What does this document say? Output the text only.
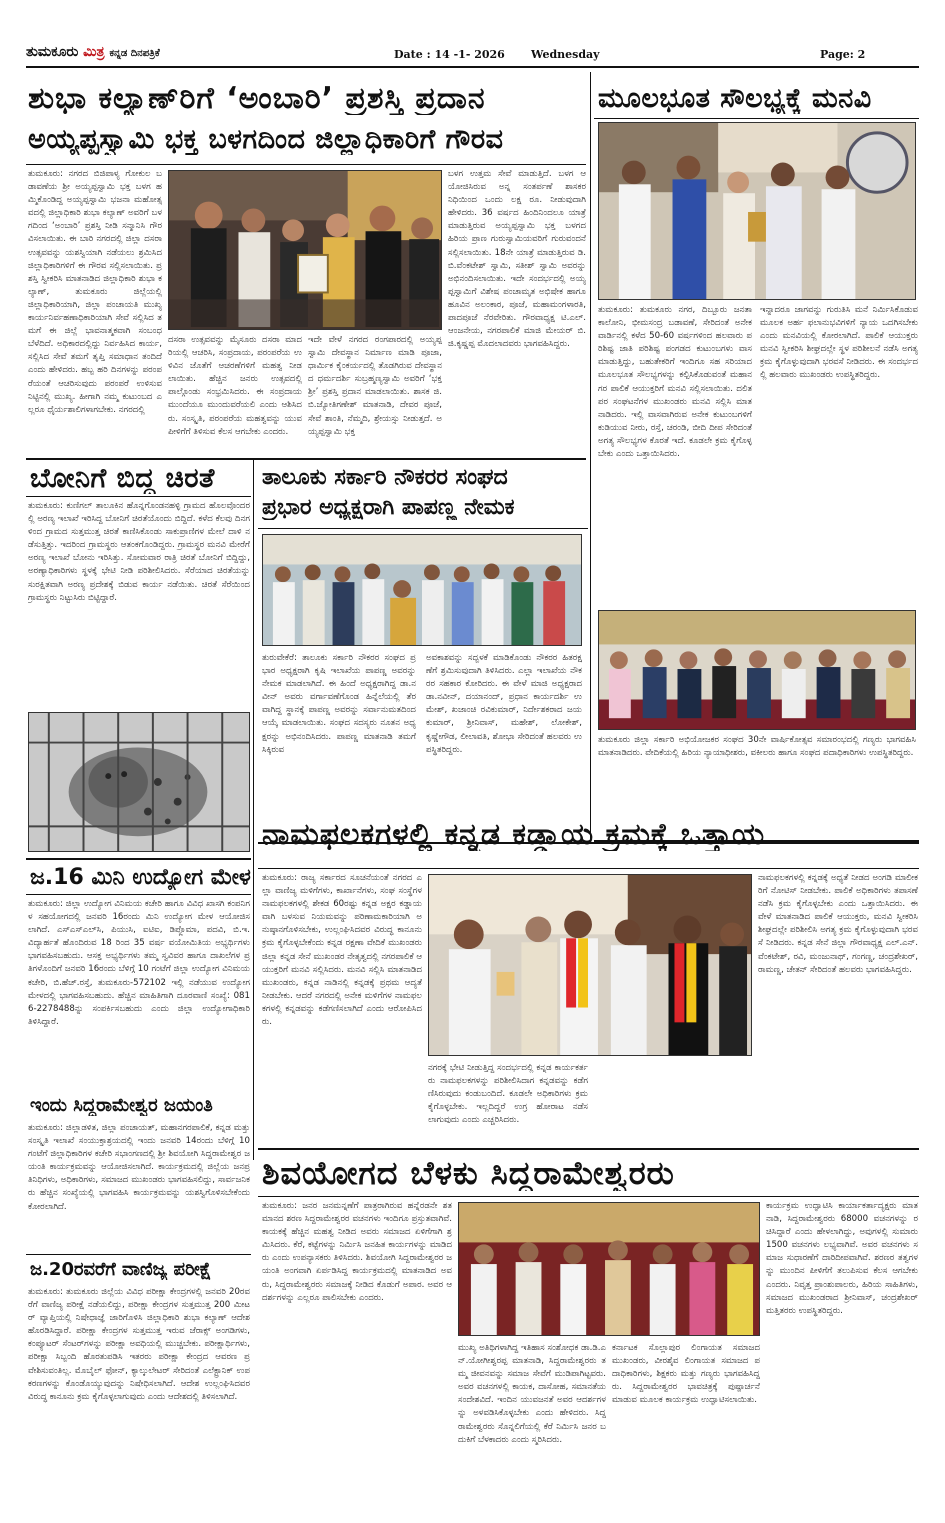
ತುಮಕೂರು ಮಿತ್ರ ಕನ್ನಡ ದಿನಪತ್ರಿಕೆ	Date : 14 -1- 2026 Wednesday	Page: 2
ಶುಭಾ ಕಲ್ಯಾಣ್‌ರಿಗೆ ‘ಅಂಬಾರಿ’ ಪ್ರಶಸ್ತಿ ಪ್ರದಾನ
ಅಯ್ಯಪ್ಪಸ್ವಾಮಿ ಭಕ್ತ ಬಳಗದಿಂದ ಜಿಲ್ಲಾಧಿಕಾರಿಗೆ ಗೌರವ
ತುಮಕೂರು: ನಗರದ ಬಿಜಿಪಾಳ್ಯ ಗೋಕುಲ ಬಡಾವಣೆಯ ಶ್ರೀ ಅಯ್ಯಪ್ಪಸ್ವಾಮಿ ಭಕ್ತ ಬಳಗ ಹಮ್ಮಿಕೊಂಡಿದ್ದ ಅಯ್ಯಪ್ಪಸ್ವಾಮಿ ಭಜನಾ ಮಹೋತ್ಸವದಲ್ಲಿ ಜಿಲ್ಲಾಧಿಕಾರಿ ಶುಭಾ ಕಲ್ಯಾಣ್ ಅವರಿಗೆ ಬಳಗದಿಂದ ‘ಅಂಬಾರಿ’ ಪ್ರಶಸ್ತಿ ನೀಡಿ ಸನ್ಮಾನಿಸಿ ಗೌರವಿಸಲಾಯಿತು. ಈ ಬಾರಿ ನಗರದಲ್ಲಿ ಜಿಲ್ಲಾ ದಸರಾ ಉತ್ಸವವನ್ನು ಯಶಸ್ವಿಯಾಗಿ ನಡೆಯಲು ಶ್ರಮಿಸಿದ ಜಿಲ್ಲಾಧಿಕಾರಿಗಳಿಗೆ ಈ ಗೌರವ ಸಲ್ಲಿಸಲಾಯಿತು. ಪ್ರಶಸ್ತಿ ಸ್ವೀಕರಿಸಿ ಮಾತನಾಡಿದ ಜಿಲ್ಲಾಧಿಕಾರಿ ಶುಭಾ ಕಲ್ಯಾಣ್, ತುಮಕೂರು ಜಿಲ್ಲೆಯಲ್ಲಿ ಜಿಲ್ಲಾಧಿಕಾರಿಯಾಗಿ, ಜಿಲ್ಲಾ ಪಂಚಾಯತಿ ಮುಖ್ಯ ಕಾರ್ಯನಿರ್ವಹಣಾಧಿಕಾರಿಯಾಗಿ ಸೇವೆ ಸಲ್ಲಿಸಿದ ತಮಗೆ ಈ ಜಿಲ್ಲೆ ಭಾವನಾತ್ಮಕವಾಗಿ ಸಂಬಂಧ ಬೆಳೆದಿದೆ. ಅಧಿಕಾರದಲ್ಲಿದ್ದು ನಿರ್ವಹಿಸಿದ ಕಾರ್ಯ, ಸಲ್ಲಿಸಿದ ಸೇವೆ ತಮಗೆ ತೃಪ್ತಿ ಸಮಾಧಾನ ತಂದಿದೆ ಎಂದು ಹೇಳಿದರು. ಹಬ್ಬ ಹರಿ ದಿನಗಳನ್ನು ಪರಂಪರೆಯಂತೆ ಆಚರಿಸುವುದು ಪರಂಪರೆ ಉಳಿಸುವ ನಿಟ್ಟಿನಲ್ಲಿ ಮುಖ್ಯ. ಹೀಗಾಗಿ ನಮ್ಮ ಕುಟುಂಬದ ಎಲ್ಲರೂ ಧೈರ್ಯಶಾಲಿಗಳಾಗಬೇಕು. ನಗರದಲ್ಲಿ
ದಸರಾ ಉತ್ಸವವನ್ನು ಮೈಸೂರು ದಸರಾ ಮಾದರಿಯಲ್ಲಿ ಆಚರಿಸಿ, ಸಂಪ್ರದಾಯ, ಪರಂಪರೆಯ ಉಳಿವಿನ ಜೊತೆಗೆ ಆಚರಣೆಗಳಿಗೆ ಮಹತ್ವ ನೀಡಲಾಯಿತು. ಹೆಚ್ಚಿನ ಜನರು ಉತ್ಸವದಲ್ಲಿ ಪಾಲ್ಗೊಂಡು ಸಂಭ್ರಮಿಸಿದರು. ಈ ಸಂಪ್ರದಾಯ ಮುಂದೆಯೂ ಮುಂದುವರೆಯಲಿ ಎಂದು ಆಶಿಸಿದರು. ಸಂಸ್ಕೃತಿ, ಪರಂಪರೆಯ ಮಹತ್ವವನ್ನು ಯುವಪೀಳಿಗೆಗೆ ತಿಳಿಸುವ ಕೆಲಸ ಆಗಬೇಕು ಎಂದರು.
ಇದೇ ವೇಳೆ ನಗರದ ರಂಗಪಾರದಲ್ಲಿ ಅಯ್ಯಪ್ಪ ಸ್ವಾಮಿ ದೇವಸ್ಥಾನ ನಿರ್ಮಾಣ ಮಾಡಿ ಪೂಜಾ, ಧಾರ್ಮಿಕ ಕೈಂಕರ್ಯದಲ್ಲಿ ತೊಡಗಿರುವ ದೇವಸ್ಥಾನದ ಧರ್ಮದರ್ಶಿ ಸುಬ್ರಹ್ಮಣ್ಯಸ್ವಾಮಿ ಅವರಿಗೆ ‘ಭಕ್ತ ಶ್ರೀ’ ಪ್ರಶಸ್ತಿ ಪ್ರದಾನ ಮಾಡಲಾಯಿತು. ಶಾಸಕ ಜಿ.ಬಿ.ಜ್ಯೋತಿಗಣೇಶ್ ಮಾತನಾಡಿ, ದೇವರ ಪೂಜೆ, ಸೇವೆ ಶಾಂತಿ, ನೆಮ್ಮದಿ, ಶ್ರೇಯಸ್ಸು ನೀಡುತ್ತದೆ. ಅಯ್ಯಪ್ಪಸ್ವಾಮಿ ಭಕ್ತ
ಬಳಗ ಉತ್ತಮ ಸೇವೆ ಮಾಡುತ್ತಿದೆ. ಬಳಗ ಆಯೋಜಿಸಿರುವ ಅನ್ನ ಸಂತರ್ಪಣೆ ಶಾಸಕರ ನಿಧಿಯಿಂದ ಒಂದು ಲಕ್ಷ ರೂ. ನೀಡುವುದಾಗಿ ಹೇಳಿದರು. 36 ವರ್ಷದ ಹಿಂದಿನಿಂದಲೂ ಯಾತ್ರೆ ಮಾಡುತ್ತಿರುವ ಅಯ್ಯಪ್ಪಸ್ವಾಮಿ ಭಕ್ತ ಬಳಗದ ಹಿರಿಯ ಪ್ರಾಣ ಗುರುಸ್ವಾಮಿಯವರಿಗೆ ಗುರುವಂದನೆ ಸಲ್ಲಿಸಲಾಯಿತು. 18ನೇ ಯಾತ್ರೆ ಮಾಡುತ್ತಿರುವ ಡಿ.ಬಿ.ವೆಂಕಟೇಶ್ ಸ್ವಾಮಿ, ಸತೀಶ್ ಸ್ವಾಮಿ ಅವರನ್ನು ಅಭಿನಂದಿಸಲಾಯಿತು. ಇದೇ ಸಂದರ್ಭದಲ್ಲಿ ಅಯ್ಯಪ್ಪಸ್ವಾಮಿಗೆ ವಿಶೇಷ ಪಂಚಾಮೃತ ಅಭಿಷೇಕ ಹಾಗೂ ಹೂವಿನ ಅಲಂಕಾರ, ಪೂಜೆ, ಮಹಾಮಂಗಳಾರತಿ, ಪಾದಪೂಜೆ ನೆರವೇರಿತು. ಗೌರವಾಧ್ಯಕ್ಷ ಟಿ.ಎಲ್.ಆಂಜನೇಯ, ನಗರಪಾಲಿಕೆ ಮಾಜಿ ಮೇಯರ್ ಬಿ.ಜಿ.ಕೃಷ್ಣಪ್ಪ ಮೊದಲಾದವರು ಭಾಗವಹಿಸಿದ್ದರು.
ಮೂಲಭೂತ ಸೌಲಭ್ಯಕ್ಕೆ ಮನವಿ
ತುಮಕೂರು: ತುಮಕೂರು ನಗರ, ದಿಬ್ಬೂರು ಜನತಾ ಕಾಲೋನಿ, ಭೀಮಸಂದ್ರ ಬಡಾವಣೆ, ಸೇರಿದಂತೆ ಅನೇಕ ವಾರ್ಡಿನಲ್ಲಿ ಕಳೆದ 50-60 ವರ್ಷಗಳಿಂದ ಹಲವಾರು ಪರಿಶಿಷ್ಟ ಜಾತಿ ಪರಿಶಿಷ್ಟ ಪಂಗಡದ ಕುಟುಂಬಗಳು ವಾಸ ಮಾಡುತ್ತಿದ್ದು, ಬಹುತೇಕರಿಗೆ ಇಂದಿಗೂ ಸಹ ಸರಿಯಾದ ಮೂಲಭೂತ ಸೌಲಭ್ಯಗಳನ್ನು ಕಲ್ಪಿಸಿಕೊಡುವಂತೆ ಮಹಾನಗರ ಪಾಲಿಕೆ ಆಯುಕ್ತರಿಗೆ ಮನವಿ ಸಲ್ಲಿಸಲಾಯಿತು. ದಲಿತ ಪರ ಸಂಘಟನೆಗಳ ಮುಖಂಡರು ಮನವಿ ಸಲ್ಲಿಸಿ ಮಾತನಾಡಿದರು. ಇಲ್ಲಿ ವಾಸವಾಗಿರುವ ಅನೇಕ ಕುಟುಂಬಗಳಿಗೆ ಕುಡಿಯುವ ನೀರು, ರಸ್ತೆ, ಚರಂಡಿ, ಬೀದಿ ದೀಪ ಸೇರಿದಂತೆ ಅಗತ್ಯ ಸೌಲಭ್ಯಗಳ ಕೊರತೆ ಇದೆ. ಕೂಡಲೇ ಕ್ರಮ ಕೈಗೊಳ್ಳಬೇಕು ಎಂದು ಒತ್ತಾಯಿಸಿದರು.
ಇನ್ನಾದರೂ ಜಾಗವನ್ನು ಗುರುತಿಸಿ ಮನೆ ನಿರ್ಮಿಸಿಕೊಡುವ ಮೂಲಕ ಅರ್ಹ ಫಲಾನುಭವಿಗಳಿಗೆ ನ್ಯಾಯ ಒದಗಿಸಬೇಕು ಎಂದು ಮನವಿಯಲ್ಲಿ ಕೋರಲಾಗಿದೆ. ಪಾಲಿಕೆ ಆಯುಕ್ತರು ಮನವಿ ಸ್ವೀಕರಿಸಿ ಶೀಘ್ರದಲ್ಲೇ ಸ್ಥಳ ಪರಿಶೀಲನೆ ನಡೆಸಿ ಅಗತ್ಯ ಕ್ರಮ ಕೈಗೊಳ್ಳುವುದಾಗಿ ಭರವಸೆ ನೀಡಿದರು. ಈ ಸಂದರ್ಭದಲ್ಲಿ ಹಲವಾರು ಮುಖಂಡರು ಉಪಸ್ಥಿತರಿದ್ದರು.
ತುಮಕೂರು ಜಿಲ್ಲಾ ಸರ್ಕಾರಿ ಅಭಿಯೋಜಕರ ಸಂಘದ 30ನೇ ವಾರ್ಷಿಕೋತ್ಸವ ಸಮಾರಂಭದಲ್ಲಿ ಗಣ್ಯರು ಭಾಗವಹಿಸಿ ಮಾತನಾಡಿದರು. ವೇದಿಕೆಯಲ್ಲಿ ಹಿರಿಯ ನ್ಯಾಯಾಧೀಶರು, ವಕೀಲರು ಹಾಗೂ ಸಂಘದ ಪದಾಧಿಕಾರಿಗಳು ಉಪಸ್ಥಿತರಿದ್ದರು.
ಬೋನಿಗೆ ಬಿದ್ದ ಚಿರತೆ
ತುಮಕೂರು: ಕುಣಿಗಲ್ ತಾಲೂಕಿನ ಹೊನ್ನಗೊಂಡನಹಳ್ಳಿ ಗ್ರಾಮದ ಹೊಲವೊಂದರಲ್ಲಿ ಅರಣ್ಯ ಇಲಾಖೆ ಇರಿಸಿದ್ದ ಬೋನಿಗೆ ಚಿರತೆಯೊಂದು ಬಿದ್ದಿದೆ. ಕಳೆದ ಕೆಲವು ದಿನಗಳಿಂದ ಗ್ರಾಮದ ಸುತ್ತಮುತ್ತ ಚಿರತೆ ಕಾಣಿಸಿಕೊಂಡು ಸಾಕುಪ್ರಾಣಿಗಳ ಮೇಲೆ ದಾಳಿ ನಡೆಸುತ್ತಿತ್ತು. ಇದರಿಂದ ಗ್ರಾಮಸ್ಥರು ಆತಂಕಗೊಂಡಿದ್ದರು. ಗ್ರಾಮಸ್ಥರ ಮನವಿ ಮೇರೆಗೆ ಅರಣ್ಯ ಇಲಾಖೆ ಬೋನು ಇರಿಸಿತ್ತು. ಸೋಮವಾರ ರಾತ್ರಿ ಚಿರತೆ ಬೋನಿಗೆ ಬಿದ್ದಿದ್ದು, ಅರಣ್ಯಾಧಿಕಾರಿಗಳು ಸ್ಥಳಕ್ಕೆ ಭೇಟಿ ನೀಡಿ ಪರಿಶೀಲಿಸಿದರು. ಸೆರೆಯಾದ ಚಿರತೆಯನ್ನು ಸುರಕ್ಷಿತವಾಗಿ ಅರಣ್ಯ ಪ್ರದೇಶಕ್ಕೆ ಬಿಡುವ ಕಾರ್ಯ ನಡೆಯಿತು. ಚಿರತೆ ಸೆರೆಯಿಂದ ಗ್ರಾಮಸ್ಥರು ನಿಟ್ಟುಸಿರು ಬಿಟ್ಟಿದ್ದಾರೆ.
ತಾಲೂಕು ಸರ್ಕಾರಿ ನೌಕರರ ಸಂಘದ
ಪ್ರಭಾರ ಅಧ್ಯಕ್ಷರಾಗಿ ಪಾಪಣ್ಣ ನೇಮಕ
ತುರುವೇಕೆರೆ: ತಾಲೂಕು ಸರ್ಕಾರಿ ನೌಕರರ ಸಂಘದ ಪ್ರಭಾರ ಅಧ್ಯಕ್ಷರಾಗಿ ಕೃಷಿ ಇಲಾಖೆಯ ಪಾಪಣ್ಣ ಅವರನ್ನು ನೇಮಕ ಮಾಡಲಾಗಿದೆ. ಈ ಹಿಂದೆ ಅಧ್ಯಕ್ಷರಾಗಿದ್ದ ಡಾ.ನವೀನ್ ಅವರು ವರ್ಗಾವಣೆಗೊಂಡ ಹಿನ್ನೆಲೆಯಲ್ಲಿ ತೆರವಾಗಿದ್ದ ಸ್ಥಾನಕ್ಕೆ ಪಾಪಣ್ಣ ಅವರನ್ನು ಸರ್ವಾನುಮತದಿಂದ ಆಯ್ಕೆ ಮಾಡಲಾಯಿತು. ಸಂಘದ ಸದಸ್ಯರು ನೂತನ ಅಧ್ಯಕ್ಷರನ್ನು ಅಭಿನಂದಿಸಿದರು. ಪಾಪಣ್ಣ ಮಾತನಾಡಿ ತಮಗೆ ಸಿಕ್ಕಿರುವ
ಅವಕಾಶವನ್ನು ಸದ್ಬಳಕೆ ಮಾಡಿಕೊಂಡು ನೌಕರರ ಹಿತರಕ್ಷಣೆಗೆ ಶ್ರಮಿಸುವುದಾಗಿ ತಿಳಿಸಿದರು. ಎಲ್ಲಾ ಇಲಾಖೆಯ ನೌಕರರ ಸಹಕಾರ ಕೋರಿದರು. ಈ ವೇಳೆ ಮಾಜಿ ಅಧ್ಯಕ್ಷರಾದ ಡಾ.ನವೀನ್, ದಯಾನಂದ್, ಪ್ರಧಾನ ಕಾರ್ಯದರ್ಶಿ ಉಮೇಶ್, ಖಜಾಂಚಿ ರವಿಕುಮಾರ್, ನಿರ್ದೇಶಕರಾದ ಜಯಕುಮಾರ್, ಶ್ರೀನಿವಾಸ್, ಮಹೇಶ್, ಲೋಕೇಶ್, ಕೃಷ್ಣೇಗೌಡ, ಲೀಲಾವತಿ, ಶೋಭಾ ಸೇರಿದಂತೆ ಹಲವರು ಉಪಸ್ಥಿತರಿದ್ದರು.
ಜ.16 ಮಿನಿ ಉದ್ಯೋಗ ಮೇಳ
ತುಮಕೂರು: ಜಿಲ್ಲಾ ಉದ್ಯೋಗ ವಿನಿಮಯ ಕಚೇರಿ ಹಾಗೂ ವಿವಿಧ ಖಾಸಗಿ ಕಂಪನಿಗಳ ಸಹಯೋಗದಲ್ಲಿ ಜನವರಿ 16ರಂದು ಮಿನಿ ಉದ್ಯೋಗ ಮೇಳ ಆಯೋಜಿಸಲಾಗಿದೆ. ಎಸ್‌ಎಸ್‌ಎಲ್‌ಸಿ, ಪಿಯುಸಿ, ಐಟಿಐ, ಡಿಪ್ಲೊಮಾ, ಪದವಿ, ಬಿ.ಇ. ವಿದ್ಯಾರ್ಹತೆ ಹೊಂದಿರುವ 18 ರಿಂದ 35 ವರ್ಷ ವಯೋಮಿತಿಯ ಅಭ್ಯರ್ಥಿಗಳು ಭಾಗವಹಿಸಬಹುದು. ಆಸಕ್ತ ಅಭ್ಯರ್ಥಿಗಳು ತಮ್ಮ ಸ್ವವಿವರ ಹಾಗೂ ದಾಖಲೆಗಳ ಪ್ರತಿಗಳೊಂದಿಗೆ ಜನವರಿ 16ರಂದು ಬೆಳಿಗ್ಗೆ 10 ಗಂಟೆಗೆ ಜಿಲ್ಲಾ ಉದ್ಯೋಗ ವಿನಿಮಯ ಕಚೇರಿ, ಬಿ.ಹೆಚ್.ರಸ್ತೆ, ತುಮಕೂರು-572102 ಇಲ್ಲಿ ನಡೆಯುವ ಉದ್ಯೋಗ ಮೇಳದಲ್ಲಿ ಭಾಗವಹಿಸಬಹುದು. ಹೆಚ್ಚಿನ ಮಾಹಿತಿಗಾಗಿ ದೂರವಾಣಿ ಸಂಖ್ಯೆ: 0816-2278488ನ್ನು ಸಂಪರ್ಕಿಸಬಹುದು ಎಂದು ಜಿಲ್ಲಾ ಉದ್ಯೋಗಾಧಿಕಾರಿ ತಿಳಿಸಿದ್ದಾರೆ.
ಇಂದು ಸಿದ್ದರಾಮೇಶ್ವರ ಜಯಂತಿ
ತುಮಕೂರು: ಜಿಲ್ಲಾಡಳಿತ, ಜಿಲ್ಲಾ ಪಂಚಾಯತ್, ಮಹಾನಗರಪಾಲಿಕೆ, ಕನ್ನಡ ಮತ್ತು ಸಂಸ್ಕೃತಿ ಇಲಾಖೆ ಸಂಯುಕ್ತಾಶ್ರಯದಲ್ಲಿ ಇಂದು ಜನವರಿ 14ರಂದು ಬೆಳಿಗ್ಗೆ 10 ಗಂಟೆಗೆ ಜಿಲ್ಲಾಧಿಕಾರಿಗಳ ಕಚೇರಿ ಸಭಾಂಗಣದಲ್ಲಿ ಶ್ರೀ ಶಿವಯೋಗಿ ಸಿದ್ದರಾಮೇಶ್ವರ ಜಯಂತಿ ಕಾರ್ಯಕ್ರಮವನ್ನು ಆಯೋಜಿಸಲಾಗಿದೆ. ಕಾರ್ಯಕ್ರಮದಲ್ಲಿ ಜಿಲ್ಲೆಯ ಜನಪ್ರತಿನಿಧಿಗಳು, ಅಧಿಕಾರಿಗಳು, ಸಮಾಜದ ಮುಖಂಡರು ಭಾಗವಹಿಸಲಿದ್ದು, ಸಾರ್ವಜನಿಕರು ಹೆಚ್ಚಿನ ಸಂಖ್ಯೆಯಲ್ಲಿ ಭಾಗವಹಿಸಿ ಕಾರ್ಯಕ್ರಮವನ್ನು ಯಶಸ್ವಿಗೊಳಿಸಬೇಕೆಂದು ಕೋರಲಾಗಿದೆ.
ಜ.20ರವರೆಗೆ ವಾಣಿಜ್ಯ ಪರೀಕ್ಷೆ
ತುಮಕೂರು: ತುಮಕೂರು ಜಿಲ್ಲೆಯ ವಿವಿಧ ಪರೀಕ್ಷಾ ಕೇಂದ್ರಗಳಲ್ಲಿ ಜನವರಿ 20ರವರೆಗೆ ವಾಣಿಜ್ಯ ಪರೀಕ್ಷೆ ನಡೆಯಲಿದ್ದು, ಪರೀಕ್ಷಾ ಕೇಂದ್ರಗಳ ಸುತ್ತಮುತ್ತ 200 ಮೀಟರ್ ವ್ಯಾಪ್ತಿಯಲ್ಲಿ ನಿಷೇಧಾಜ್ಞೆ ಜಾರಿಗೊಳಿಸಿ ಜಿಲ್ಲಾಧಿಕಾರಿ ಶುಭಾ ಕಲ್ಯಾಣ್ ಆದೇಶ ಹೊರಡಿಸಿದ್ದಾರೆ. ಪರೀಕ್ಷಾ ಕೇಂದ್ರಗಳ ಸುತ್ತಮುತ್ತ ಇರುವ ಜೆರಾಕ್ಸ್ ಅಂಗಡಿಗಳು, ಕಂಪ್ಯೂಟರ್ ಸೆಂಟರ್‌ಗಳನ್ನು ಪರೀಕ್ಷಾ ಅವಧಿಯಲ್ಲಿ ಮುಚ್ಚಬೇಕು. ಪರೀಕ್ಷಾರ್ಥಿಗಳು, ಪರೀಕ್ಷಾ ಸಿಬ್ಬಂದಿ ಹೊರತುಪಡಿಸಿ ಇತರರು ಪರೀಕ್ಷಾ ಕೇಂದ್ರದ ಆವರಣ ಪ್ರವೇಶಿಸುವಂತಿಲ್ಲ. ಮೊಬೈಲ್ ಫೋನ್, ಕ್ಯಾಲ್ಕುಲೇಟರ್ ಸೇರಿದಂತೆ ಎಲೆಕ್ಟ್ರಾನಿಕ್ ಉಪಕರಣಗಳನ್ನು ಕೊಂಡೊಯ್ಯುವುದನ್ನು ನಿಷೇಧಿಸಲಾಗಿದೆ. ಆದೇಶ ಉಲ್ಲಂಘಿಸಿದವರ ವಿರುದ್ಧ ಕಾನೂನು ಕ್ರಮ ಕೈಗೊಳ್ಳಲಾಗುವುದು ಎಂದು ಆದೇಶದಲ್ಲಿ ತಿಳಿಸಲಾಗಿದೆ.
ನಾಮಫಲಕಗಳಲ್ಲಿ ಕನ್ನಡ ಕಡ್ಡಾಯ ಕ್ರಮಕ್ಕೆ ಒತ್ತಾಯ
ತುಮಕೂರು: ರಾಜ್ಯ ಸರ್ಕಾರದ ಸೂಚನೆಯಂತೆ ನಗರದ ಎಲ್ಲಾ ವಾಣಿಜ್ಯ ಮಳಿಗೆಗಳು, ಕಾರ್ಖಾನೆಗಳು, ಸಂಘ ಸಂಸ್ಥೆಗಳ ನಾಮಫಲಕಗಳಲ್ಲಿ ಶೇಕಡ 60ರಷ್ಟು ಕನ್ನಡ ಅಕ್ಷರ ಕಡ್ಡಾಯವಾಗಿ ಬಳಸುವ ನಿಯಮವನ್ನು ಪರಿಣಾಮಕಾರಿಯಾಗಿ ಅನುಷ್ಠಾನಗೊಳಿಸಬೇಕು, ಉಲ್ಲಂಘಿಸಿದವರ ವಿರುದ್ಧ ಕಾನೂನು ಕ್ರಮ ಕೈಗೊಳ್ಳಬೇಕೆಂದು ಕನ್ನಡ ರಕ್ಷಣಾ ವೇದಿಕೆ ಮುಖಂಡರು ಜಿಲ್ಲಾ ಕನ್ನಡ ಸೇನೆ ಮುಖಂಡರ ನೇತೃತ್ವದಲ್ಲಿ ನಗರಪಾಲಿಕೆ ಆಯುಕ್ತರಿಗೆ ಮನವಿ ಸಲ್ಲಿಸಿದರು. ಮನವಿ ಸಲ್ಲಿಸಿ ಮಾತನಾಡಿದ ಮುಖಂಡರು, ಕನ್ನಡ ನಾಡಿನಲ್ಲಿ ಕನ್ನಡಕ್ಕೆ ಪ್ರಥಮ ಆದ್ಯತೆ ನೀಡಬೇಕು. ಆದರೆ ನಗರದಲ್ಲಿ ಅನೇಕ ಮಳಿಗೆಗಳ ನಾಮಫಲಕಗಳಲ್ಲಿ ಕನ್ನಡವನ್ನು ಕಡೆಗಣಿಸಲಾಗಿದೆ ಎಂದು ಆರೋಪಿಸಿದರು.
ನಗರಕ್ಕೆ ಭೇಟಿ ನೀಡುತ್ತಿದ್ದ ಸಂದರ್ಭದಲ್ಲಿ ಕನ್ನಡ ಕಾರ್ಯಕರ್ತರು ನಾಮಫಲಕಗಳನ್ನು ಪರಿಶೀಲಿಸಿದಾಗ ಕನ್ನಡವನ್ನು ಕಡೆಗಣಿಸಿರುವುದು ಕಂಡುಬಂದಿದೆ. ಕೂಡಲೇ ಅಧಿಕಾರಿಗಳು ಕ್ರಮ ಕೈಗೊಳ್ಳಬೇಕು. ಇಲ್ಲದಿದ್ದರೆ ಉಗ್ರ ಹೋರಾಟ ನಡೆಸಲಾಗುವುದು ಎಂದು ಎಚ್ಚರಿಸಿದರು.
ನಾಮಫಲಕಗಳಲ್ಲಿ ಕನ್ನಡಕ್ಕೆ ಅಧ್ಯತೆ ನೀಡದ ಅಂಗಡಿ ಮಾಲೀಕರಿಗೆ ನೋಟಿಸ್ ನೀಡಬೇಕು. ಪಾಲಿಕೆ ಅಧಿಕಾರಿಗಳು ತಪಾಸಣೆ ನಡೆಸಿ ಕ್ರಮ ಕೈಗೊಳ್ಳಬೇಕು ಎಂದು ಒತ್ತಾಯಿಸಿದರು. ಈ ವೇಳೆ ಮಾತನಾಡಿದ ಪಾಲಿಕೆ ಆಯುಕ್ತರು, ಮನವಿ ಸ್ವೀಕರಿಸಿ ಶೀಘ್ರದಲ್ಲೇ ಪರಿಶೀಲಿಸಿ ಅಗತ್ಯ ಕ್ರಮ ಕೈಗೊಳ್ಳುವುದಾಗಿ ಭರವಸೆ ನೀಡಿದರು. ಕನ್ನಡ ಸೇನೆ ಜಿಲ್ಲಾ ಗೌರವಾಧ್ಯಕ್ಷ ಎಲ್.ಎನ್.ವೆಂಕಟೇಶ್, ರವಿ, ಮಂಜುನಾಥ್, ಗಂಗಣ್ಣ, ಚಂದ್ರಶೇಖರ್, ರಾಮಣ್ಣ, ಚೇತನ್ ಸೇರಿದಂತೆ ಹಲವರು ಭಾಗವಹಿಸಿದ್ದರು.
ಶಿವಯೋಗದ ಬೆಳಕು ಸಿದ್ದರಾಮೇಶ್ವರರು
ತುಮಕೂರು: ಜನರ ಜನಮನ್ನಣೆಗೆ ಪಾತ್ರರಾಗಿರುವ ಹನ್ನೆರಡನೇ ಶತಮಾನದ ಶರಣ ಸಿದ್ದರಾಮೇಶ್ವರರ ವಚನಗಳು ಇಂದಿಗೂ ಪ್ರಸ್ತುತವಾಗಿವೆ. ಕಾಯಕಕ್ಕೆ ಹೆಚ್ಚಿನ ಮಹತ್ವ ನೀಡಿದ ಅವರು ಸಮಾಜದ ಏಳಿಗೆಗಾಗಿ ಶ್ರಮಿಸಿದರು. ಕೆರೆ, ಕಟ್ಟೆಗಳನ್ನು ನಿರ್ಮಿಸಿ ಜನಹಿತ ಕಾರ್ಯಗಳನ್ನು ಮಾಡಿದರು ಎಂದು ಉಪನ್ಯಾಸಕರು ತಿಳಿಸಿದರು. ಶಿವಯೋಗಿ ಸಿದ್ದರಾಮೇಶ್ವರರ ಜಯಂತಿ ಅಂಗವಾಗಿ ಏರ್ಪಡಿಸಿದ್ದ ಕಾರ್ಯಕ್ರಮದಲ್ಲಿ ಮಾತನಾಡಿದ ಅವರು, ಸಿದ್ದರಾಮೇಶ್ವರರು ಸಮಾಜಕ್ಕೆ ನೀಡಿದ ಕೊಡುಗೆ ಅಪಾರ. ಅವರ ಆದರ್ಶಗಳನ್ನು ಎಲ್ಲರೂ ಪಾಲಿಸಬೇಕು ಎಂದರು.
ಮುಖ್ಯ ಅತಿಥಿಗಳಾಗಿದ್ದ ಇತಿಹಾಸ ಸಂಶೋಧಕ ಡಾ.ಡಿ.ಎನ್.ಯೋಗೀಶ್ವರಪ್ಪ ಮಾತನಾಡಿ, ಸಿದ್ದರಾಮೇಶ್ವರರು ತಮ್ಮ ಜೀವನವನ್ನು ಸಮಾಜ ಸೇವೆಗೆ ಮುಡಿಪಾಗಿಟ್ಟವರು. ಅವರ ವಚನಗಳಲ್ಲಿ ಕಾಯಕ, ದಾಸೋಹ, ಸಮಾನತೆಯ ಸಂದೇಶವಿದೆ. ಇಂದಿನ ಯುವಜನತೆ ಅವರ ಆದರ್ಶಗಳನ್ನು ಅಳವಡಿಸಿಕೊಳ್ಳಬೇಕು ಎಂದು ಹೇಳಿದರು. ಸಿದ್ದರಾಮೇಶ್ವರರು ಸೊನ್ನಲಿಗೆಯಲ್ಲಿ ಕೆರೆ ನಿರ್ಮಿಸಿ ಜನರ ಬದುಕಿಗೆ ಬೆಳಕಾದರು ಎಂದು ಸ್ಮರಿಸಿದರು.
ಕರ್ನಾಟಕ ಸೊಲ್ಲಾಪುರ ಲಿಂಗಾಯತ ಸಮಾಜದ ಮುಖಂಡರು, ವೀರಶೈವ ಲಿಂಗಾಯತ ಸಮಾಜದ ಪದಾಧಿಕಾರಿಗಳು, ಶಿಕ್ಷಕರು ಮತ್ತು ಗಣ್ಯರು ಭಾಗವಹಿಸಿದ್ದರು. ಸಿದ್ದರಾಮೇಶ್ವರರ ಭಾವಚಿತ್ರಕ್ಕೆ ಪುಷ್ಪಾರ್ಚನೆ ಮಾಡುವ ಮೂಲಕ ಕಾರ್ಯಕ್ರಮ ಉದ್ಘಾಟಿಸಲಾಯಿತು.
ಕಾರ್ಯಕ್ರಮ ಉದ್ಘಾಟಿಸಿ ಕಾರ್ಯಾಕರ್ತಾದ್ಯಕ್ಷರು ಮಾತನಾಡಿ, ಸಿದ್ದರಾಮೇಶ್ವರರು 68000 ವಚನಗಳನ್ನು ರಚಿಸಿದ್ದಾರೆ ಎಂದು ಹೇಳಲಾಗಿದ್ದು, ಅವುಗಳಲ್ಲಿ ಸುಮಾರು 1500 ವಚನಗಳು ಲಭ್ಯವಾಗಿವೆ. ಅವರ ವಚನಗಳು ಸಮಾಜ ಸುಧಾರಣೆಗೆ ದಾರಿದೀಪವಾಗಿವೆ. ಶರಣರ ತತ್ವಗಳನ್ನು ಮುಂದಿನ ಪೀಳಿಗೆಗೆ ತಲುಪಿಸುವ ಕೆಲಸ ಆಗಬೇಕು ಎಂದರು. ನಿವೃತ್ತ ಪ್ರಾಂಶುಪಾಲರು, ಹಿರಿಯ ಸಾಹಿತಿಗಳು, ಸಮಾಜದ ಮುಖಂಡರಾದ ಶ್ರೀನಿವಾಸ್, ಚಂದ್ರಶೇಖರ್ ಮತ್ತಿತರರು ಉಪಸ್ಥಿತರಿದ್ದರು.
